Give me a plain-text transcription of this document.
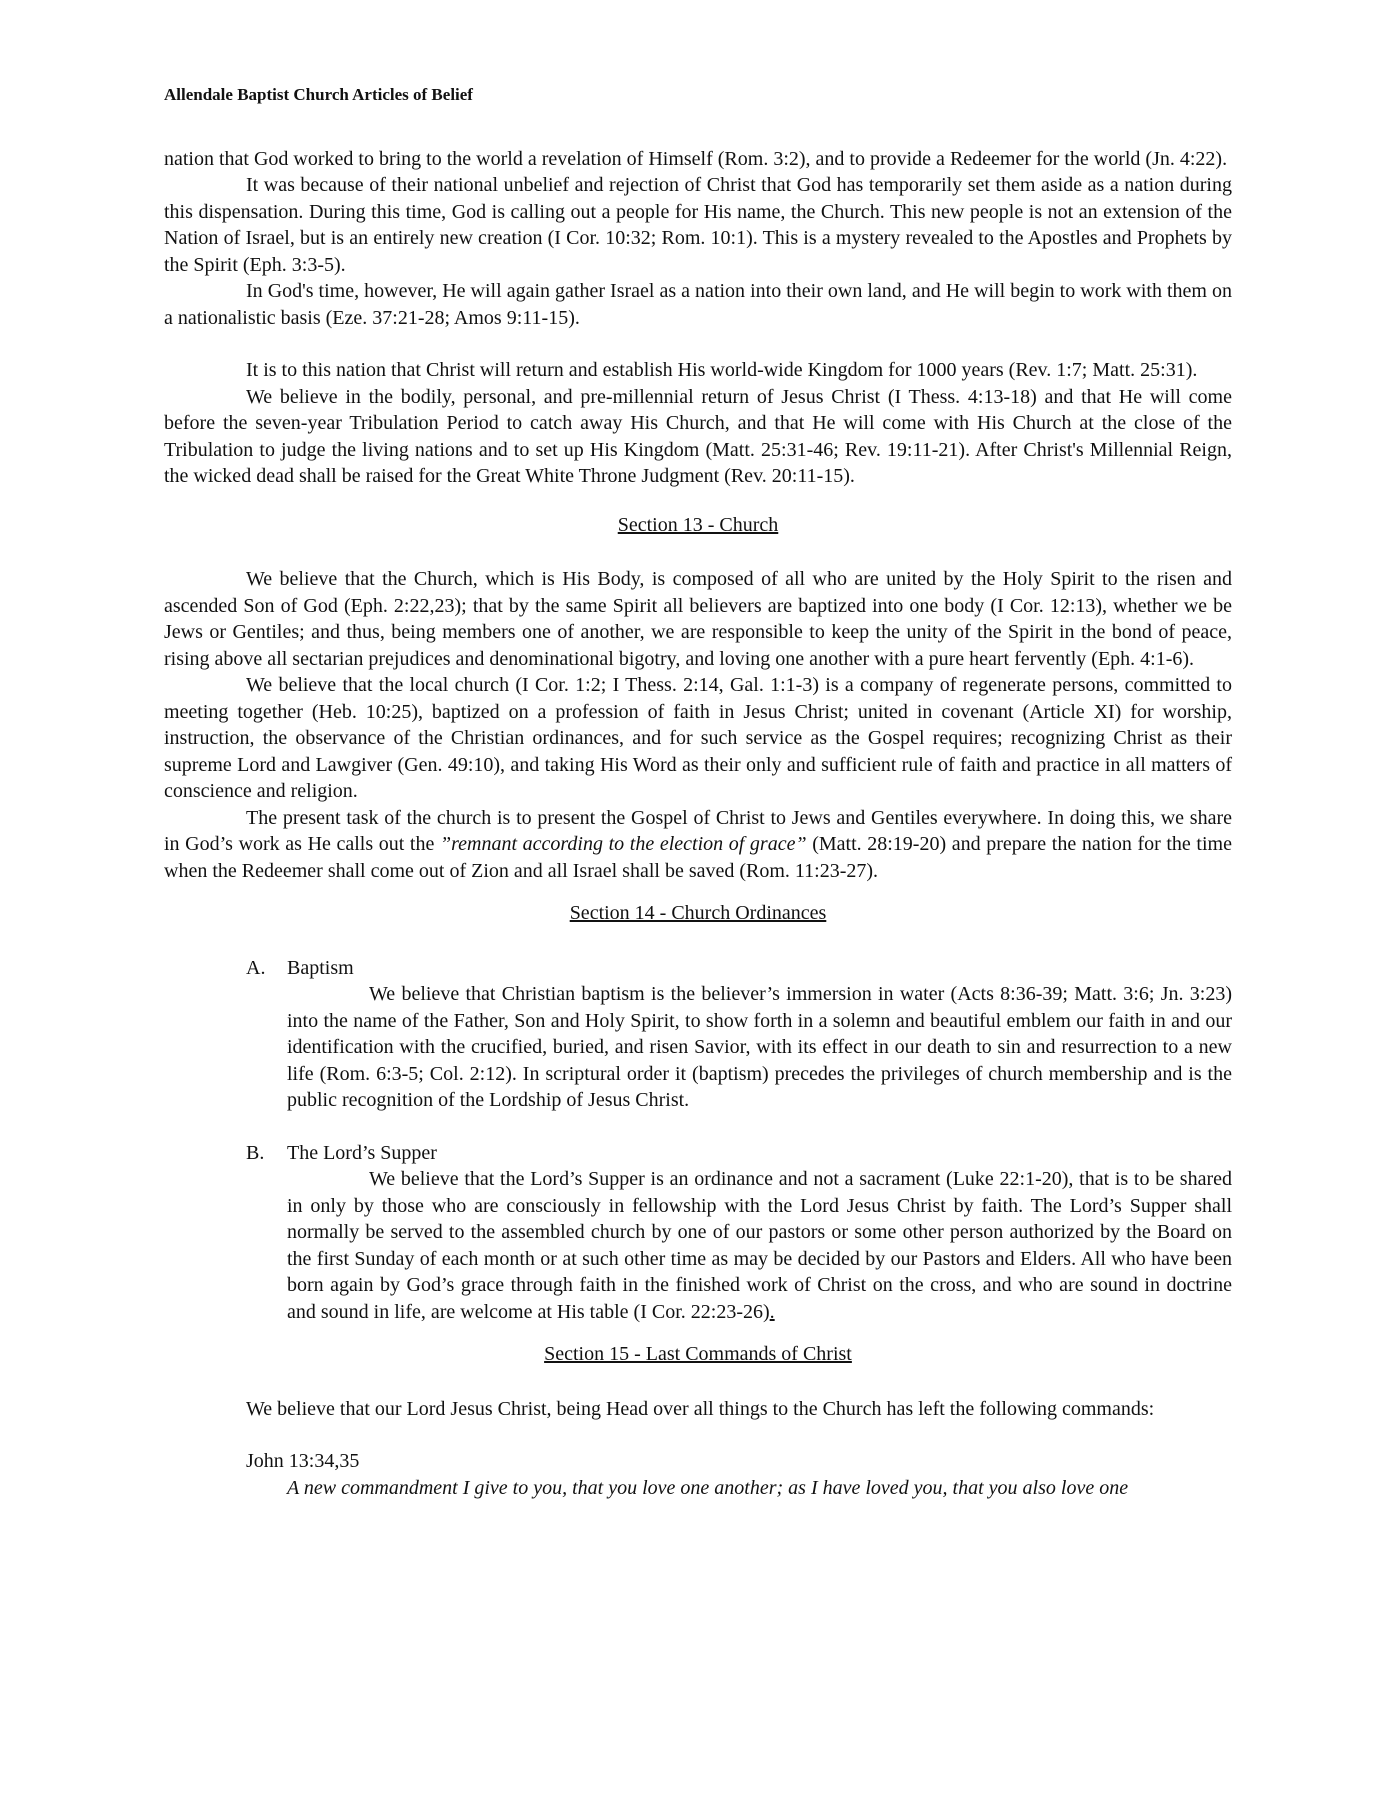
Allendale Baptist Church Articles of Belief

nation that God worked to bring to the world a revelation of Himself (Rom. 3:2), and to provide a Redeemer for the world (Jn. 4:22).

It was because of their national unbelief and rejection of Christ that God has temporarily set them aside as a nation during this dispensation. During this time, God is calling out a people for His name, the Church. This new people is not an extension of the Nation of Israel, but is an entirely new creation (I Cor. 10:32; Rom. 10:1). This is a mystery revealed to the Apostles and Prophets by the Spirit (Eph. 3:3-5).

In God's time, however, He will again gather Israel as a nation into their own land, and He will begin to work with them on a nationalistic basis (Eze. 37:21-28; Amos 9:11-15).

It is to this nation that Christ will return and establish His world-wide Kingdom for 1000 years (Rev. 1:7; Matt. 25:31).

We believe in the bodily, personal, and pre-millennial return of Jesus Christ (I Thess. 4:13-18) and that He will come before the seven-year Tribulation Period to catch away His Church, and that He will come with His Church at the close of the Tribulation to judge the living nations and to set up His Kingdom (Matt. 25:31-46; Rev. 19:11-21). After Christ's Millennial Reign, the wicked dead shall be raised for the Great White Throne Judgment (Rev. 20:11-15).

Section 13 - Church

We believe that the Church, which is His Body, is composed of all who are united by the Holy Spirit to the risen and ascended Son of God (Eph. 2:22,23); that by the same Spirit all believers are baptized into one body (I Cor. 12:13), whether we be Jews or Gentiles; and thus, being members one of another, we are responsible to keep the unity of the Spirit in the bond of peace, rising above all sectarian prejudices and denominational bigotry, and loving one another with a pure heart fervently (Eph. 4:1-6).

We believe that the local church (I Cor. 1:2; I Thess. 2:14, Gal. 1:1-3) is a company of regenerate persons, committed to meeting together (Heb. 10:25), baptized on a profession of faith in Jesus Christ; united in covenant (Article XI) for worship, instruction, the observance of the Christian ordinances, and for such service as the Gospel requires; recognizing Christ as their supreme Lord and Lawgiver (Gen. 49:10), and taking His Word as their only and sufficient rule of faith and practice in all matters of conscience and religion.

The present task of the church is to present the Gospel of Christ to Jews and Gentiles everywhere. In doing this, we share in God’s work as He calls out the ”remnant according to the election of grace” (Matt. 28:19-20) and prepare the nation for the time when the Redeemer shall come out of Zion and all Israel shall be saved (Rom. 11:23-27).

Section 14 - Church Ordinances
A. Baptism

We believe that Christian baptism is the believer’s immersion in water (Acts 8:36-39; Matt. 3:6; Jn. 3:23) into the name of the Father, Son and Holy Spirit, to show forth in a solemn and beautiful emblem our faith in and our identification with the crucified, buried, and risen Savior, with its effect in our death to sin and resurrection to a new life (Rom. 6:3-5; Col. 2:12). In scriptural order it (baptism) precedes the privileges of church membership and is the public recognition of the Lordship of Jesus Christ.

B. The Lord’s Supper

We believe that the Lord’s Supper is an ordinance and not a sacrament (Luke 22:1-20), that is to be shared in only by those who are consciously in fellowship with the Lord Jesus Christ by faith. The Lord’s Supper shall normally be served to the assembled church by one of our pastors or some other person authorized by the Board on the first Sunday of each month or at such other time as may be decided by our Pastors and Elders. All who have been born again by God’s grace through faith in the finished work of Christ on the cross, and who are sound in doctrine and sound in life, are welcome at His table (I Cor. 22:23-26).

Section 15 - Last Commands of Christ

We believe that our Lord Jesus Christ, being Head over all things to the Church has left the following commands:

John 13:34,35
A new commandment I give to you, that you love one another; as I have loved you, that you also love one
